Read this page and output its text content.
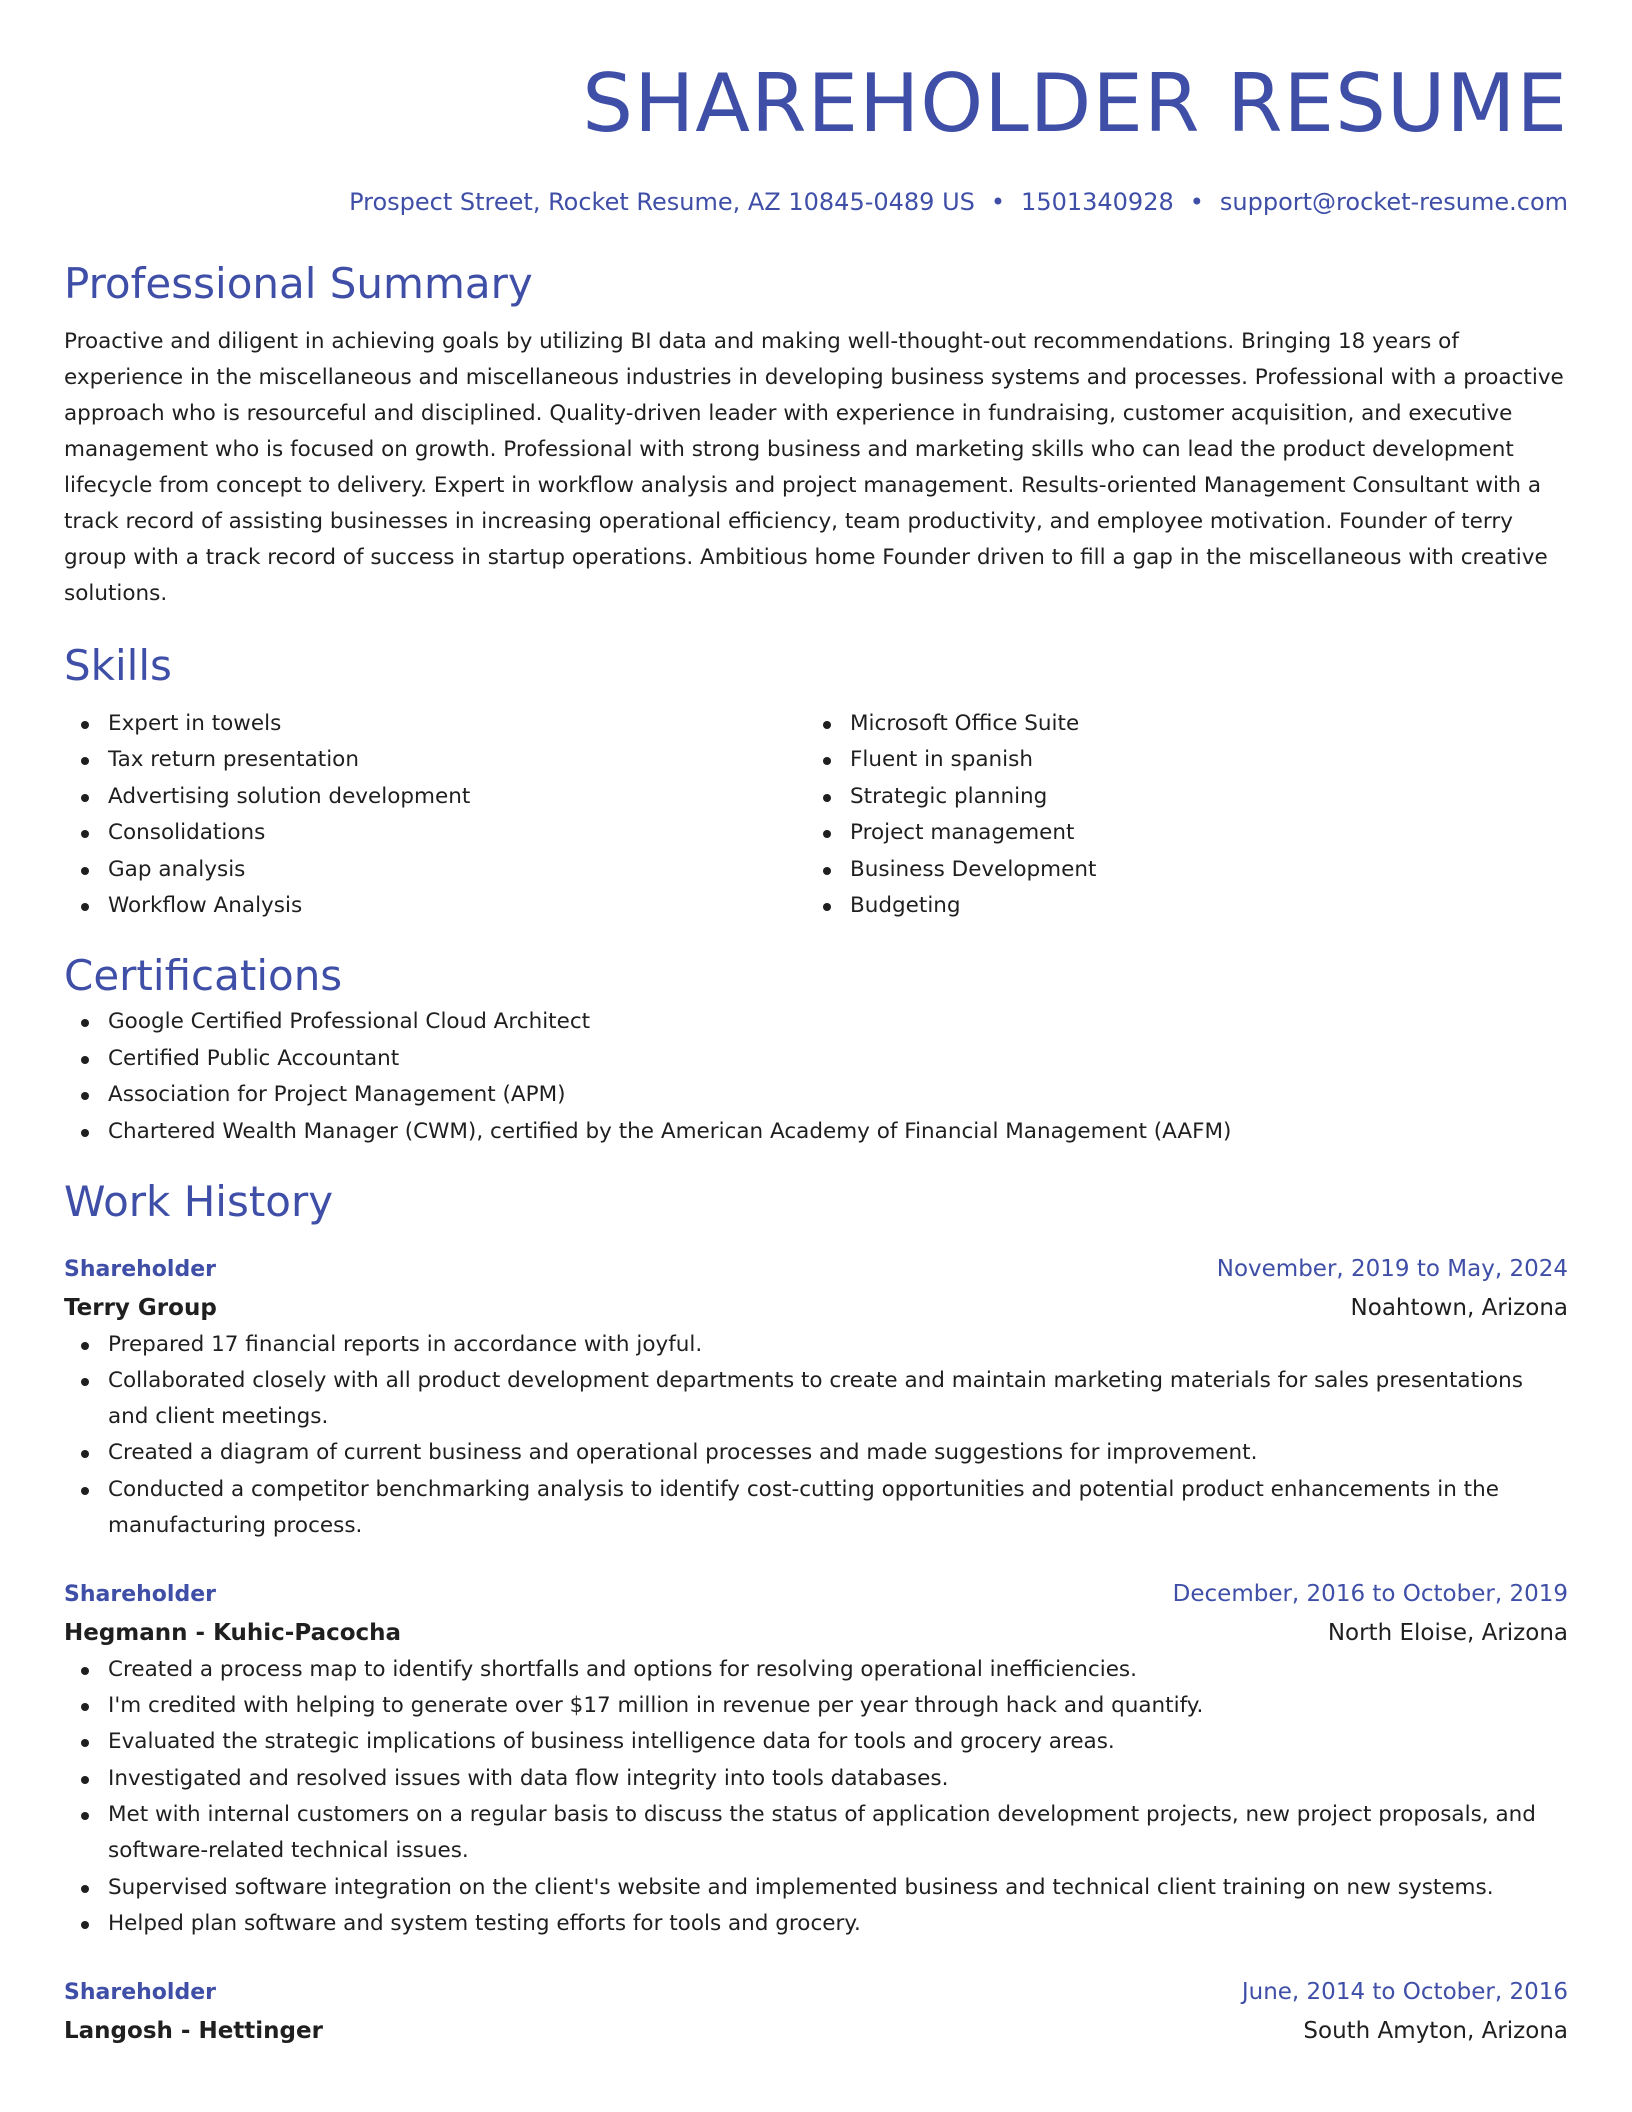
SHAREHOLDER RESUME
Prospect Street, Rocket Resume, AZ 10845-0489 US • 1501340928 • support@rocket-resume.com
Professional Summary

Proactive and diligent in achieving goals by utilizing BI data and making well-thought-out recommendations. Bringing 18 years of experience in the miscellaneous and miscellaneous industries in developing business systems and processes. Professional with a proactive approach who is resourceful and disciplined. Quality-driven leader with experience in fundraising, customer acquisition, and executive management who is focused on growth. Professional with strong business and marketing skills who can lead the product development lifecycle from concept to delivery. Expert in workflow analysis and project management. Results-oriented Management Consultant with a track record of assisting businesses in increasing operational efficiency, team productivity, and employee motivation. Founder of terry group with a track record of success in startup operations. Ambitious home Founder driven to fill a gap in the miscellaneous with creative solutions.

Skills
Expert in towels
Tax return presentation
Advertising solution development
Consolidations
Gap analysis
Workflow Analysis
Microsoft Office Suite
Fluent in spanish
Strategic planning
Project management
Business Development
Budgeting
Certifications
Google Certified Professional Cloud Architect
Certified Public Accountant
Association for Project Management (APM)
Chartered Wealth Manager (CWM), certified by the American Academy of Financial Management (AAFM)
Work History
Shareholder	November, 2019 to May, 2024
Terry Group	Noahtown, Arizona
Prepared 17 financial reports in accordance with joyful.
Collaborated closely with all product development departments to create and maintain marketing materials for sales presentations and client meetings.
Created a diagram of current business and operational processes and made suggestions for improvement.
Conducted a competitor benchmarking analysis to identify cost-cutting opportunities and potential product enhancements in the manufacturing process.
Shareholder	December, 2016 to October, 2019
Hegmann - Kuhic-Pacocha	North Eloise, Arizona
Created a process map to identify shortfalls and options for resolving operational inefficiencies.
I'm credited with helping to generate over $17 million in revenue per year through hack and quantify.
Evaluated the strategic implications of business intelligence data for tools and grocery areas.
Investigated and resolved issues with data flow integrity into tools databases.
Met with internal customers on a regular basis to discuss the status of application development projects, new project proposals, and software-related technical issues.
Supervised software integration on the client's website and implemented business and technical client training on new systems.
Helped plan software and system testing efforts for tools and grocery.
Shareholder	June, 2014 to October, 2016
Langosh - Hettinger	South Amyton, Arizona
